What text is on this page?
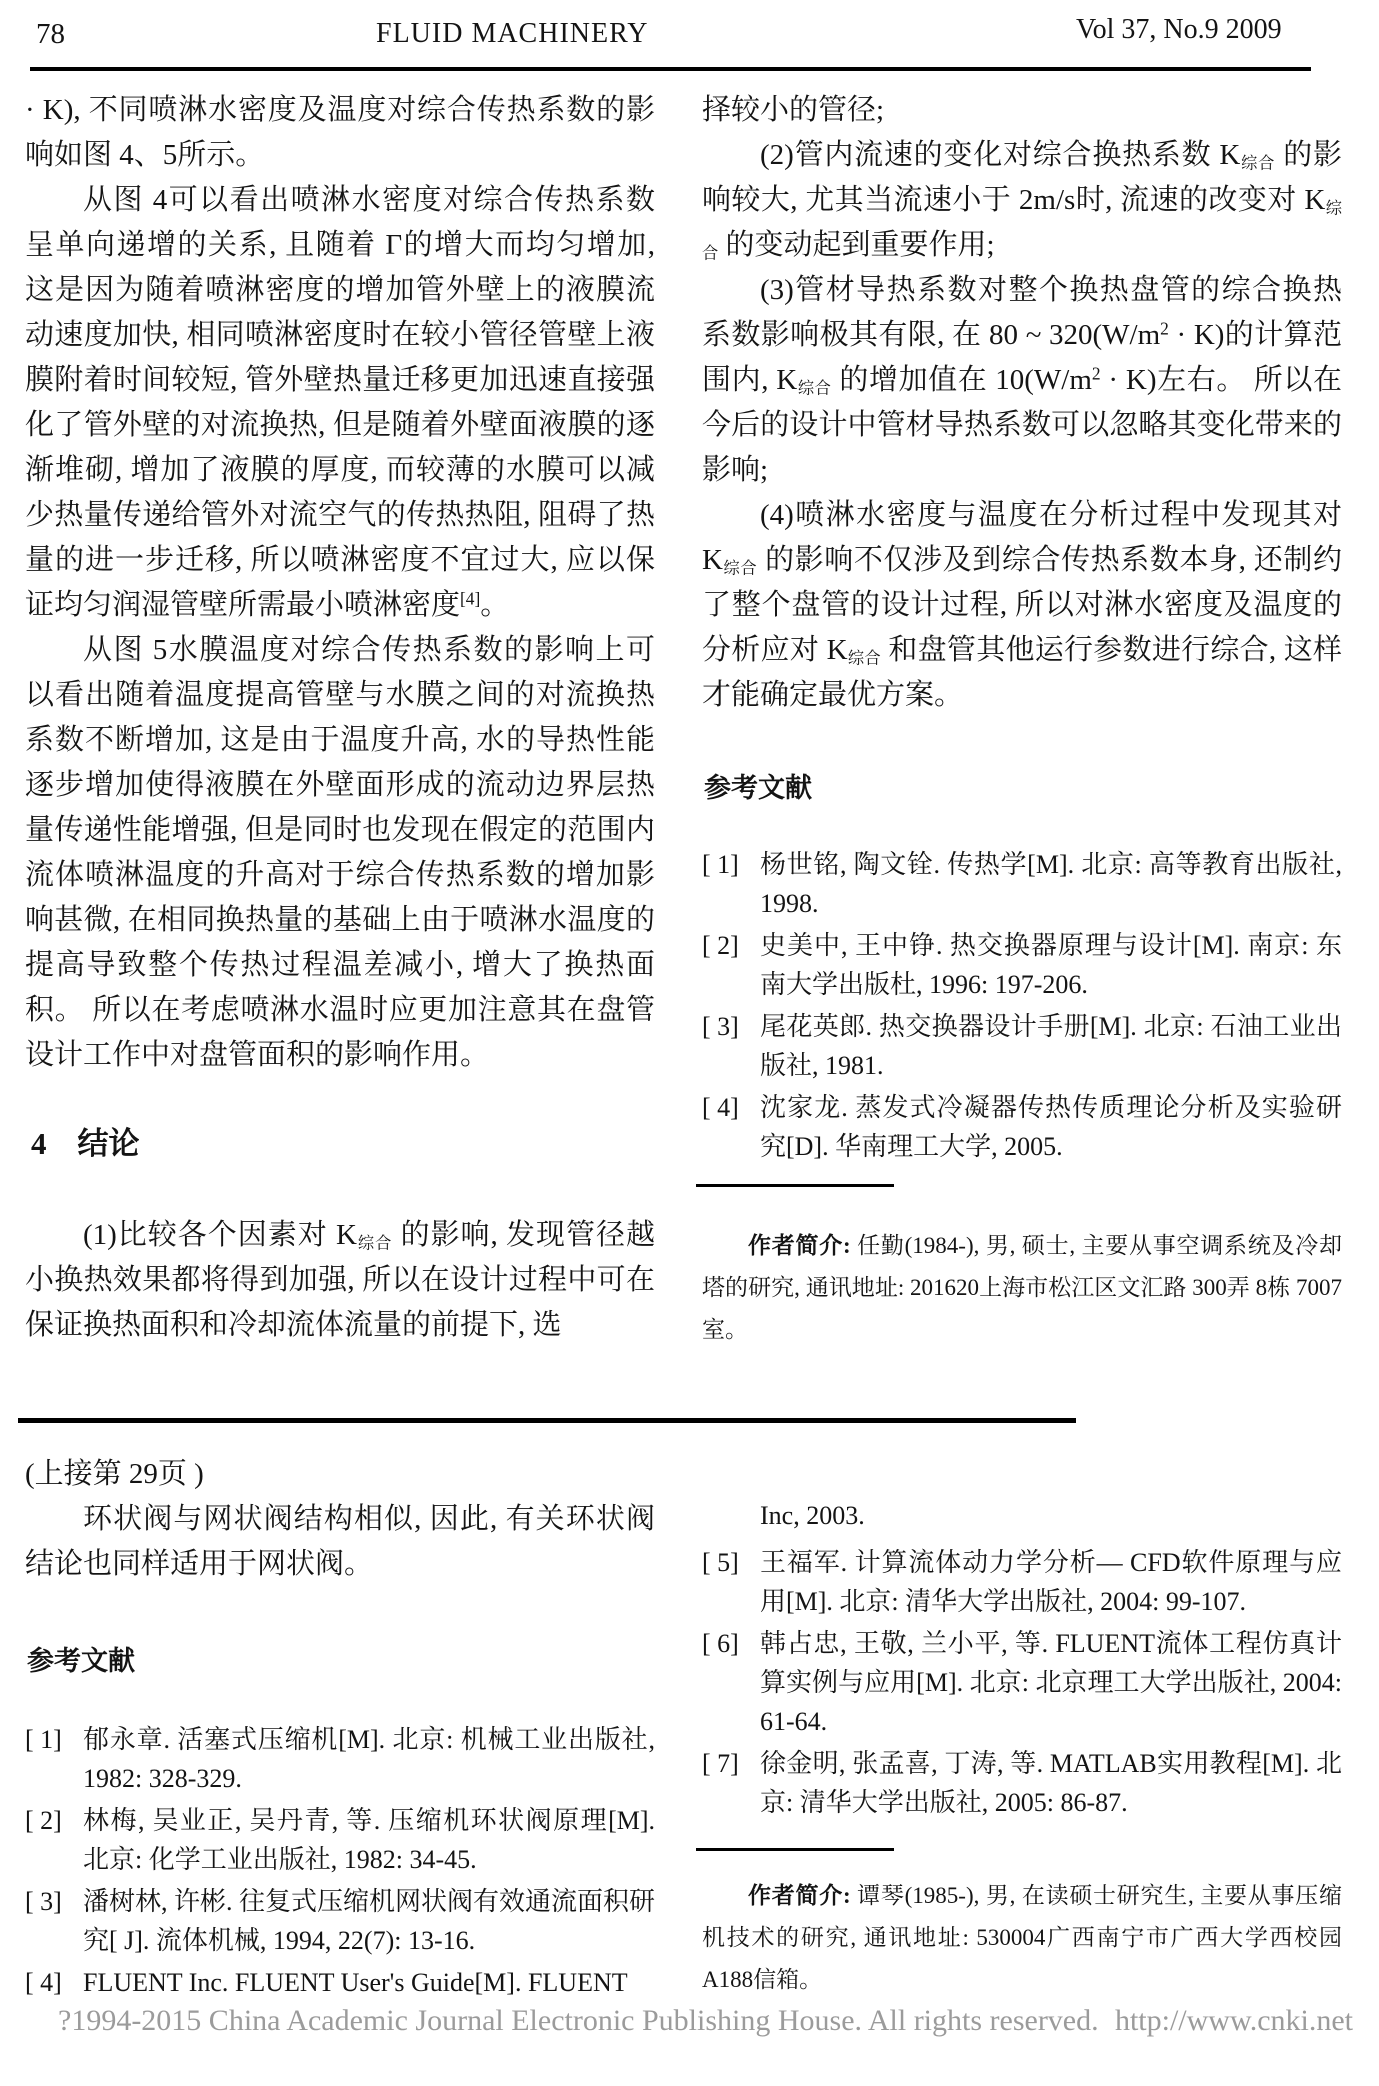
78	FLUID MACHINERY	Vol 37, No.9 2009

· K), 不同喷淋水密度及温度对综合传热系数的影响如图 4、5所示。

从图 4可以看出喷淋水密度对综合传热系数呈单向递增的关系, 且随着 Γ的增大而均匀增加, 这是因为随着喷淋密度的增加管外壁上的液膜流动速度加快, 相同喷淋密度时在较小管径管壁上液膜附着时间较短, 管外壁热量迁移更加迅速直接强化了管外壁的对流换热, 但是随着外壁面液膜的逐渐堆砌, 增加了液膜的厚度, 而较薄的水膜可以减少热量传递给管外对流空气的传热热阻, 阻碍了热量的进一步迁移, 所以喷淋密度不宜过大, 应以保证均匀润湿管壁所需最小喷淋密度[4]。

从图 5水膜温度对综合传热系数的影响上可以看出随着温度提高管壁与水膜之间的对流换热系数不断增加, 这是由于温度升高, 水的导热性能逐步增加使得液膜在外壁面形成的流动边界层热量传递性能增强, 但是同时也发现在假定的范围内流体喷淋温度的升高对于综合传热系数的增加影响甚微, 在相同换热量的基础上由于喷淋水温度的提高导致整个传热过程温差减小, 增大了换热面积。 所以在考虑喷淋水温时应更加注意其在盘管设计工作中对盘管面积的影响作用。

4　结论

(1)比较各个因素对 $K_{综合}$ 的影响, 发现管径越小换热效果都将得到加强, 所以在设计过程中可在保证换热面积和冷却流体流量的前提下, 选

择较小的管径;

(2)管内流速的变化对综合换热系数 $K_{综合}$ 的影响较大, 尤其当流速小于 2m/s时, 流速的改变对 $K_{综合}$ 的变动起到重要作用;

(3)管材导热系数对整个换热盘管的综合换热系数影响极其有限, 在 80 ~ $320(W/m^2 \cdot K)$的计算范围内, $K_{综合}$ 的增加值在 $10(W/m^2 \cdot K)$左右。 所以在今后的设计中管材导热系数可以忽略其变化带来的影响;

(4)喷淋水密度与温度在分析过程中发现其对 $K_{综合}$ 的影响不仅涉及到综合传热系数本身, 还制约了整个盘管的设计过程, 所以对淋水密度及温度的分析应对 $K_{综合}$ 和盘管其他运行参数进行综合, 这样才能确定最优方案。

参考文献
[ 1] 杨世铭, 陶文铨. 传热学[M]. 北京: 高等教育出版社, 1998.
[ 2] 史美中, 王中铮. 热交换器原理与设计[M]. 南京: 东南大学出版杜, 1996: 197-206.
[ 3] 尾花英郎. 热交换器设计手册[M]. 北京: 石油工业出版社, 1981.
[ 4] 沈家龙. 蒸发式冷凝器传热传质理论分析及实验研究[D]. 华南理工大学, 2005.

作者简介: 任勤(1984-), 男, 硕士, 主要从事空调系统及冷却塔的研究, 通讯地址: 201620上海市松江区文汇路 300弄 8栋 7007室。

(上接第 29页 )

环状阀与网状阀结构相似, 因此, 有关环状阀结论也同样适用于网状阀。

参考文献
[ 1] 郁永章. 活塞式压缩机[M]. 北京: 机械工业出版社, 1982: 328-329.
[ 2] 林梅, 吴业正, 吴丹青, 等. 压缩机环状阀原理[M]. 北京: 化学工业出版社, 1982: 34-45.
[ 3] 潘树林, 许彬. 往复式压缩机网状阀有效通流面积研究[ J]. 流体机械, 1994, 22(7): 13-16.
[ 4] FLUENT Inc. FLUENT User's Guide[M]. FLUENT

Inc, 2003.

[ 5] 王福军. 计算流体动力学分析— CFD软件原理与应用[M]. 北京: 清华大学出版社, 2004: 99-107.
[ 6] 韩占忠, 王敬, 兰小平, 等. FLUENT流体工程仿真计算实例与应用[M]. 北京: 北京理工大学出版社, 2004: 61-64.
[ 7] 徐金明, 张孟喜, 丁涛, 等. MATLAB实用教程[M]. 北京: 清华大学出版社, 2005: 86-87.

作者简介: 谭琴(1985-), 男, 在读硕士研究生, 主要从事压缩机技术的研究, 通讯地址: 530004广西南宁市广西大学西校园 A188信箱。

?1994-2015 China Academic Journal Electronic Publishing House. All rights reserved. http://www.cnki.net
